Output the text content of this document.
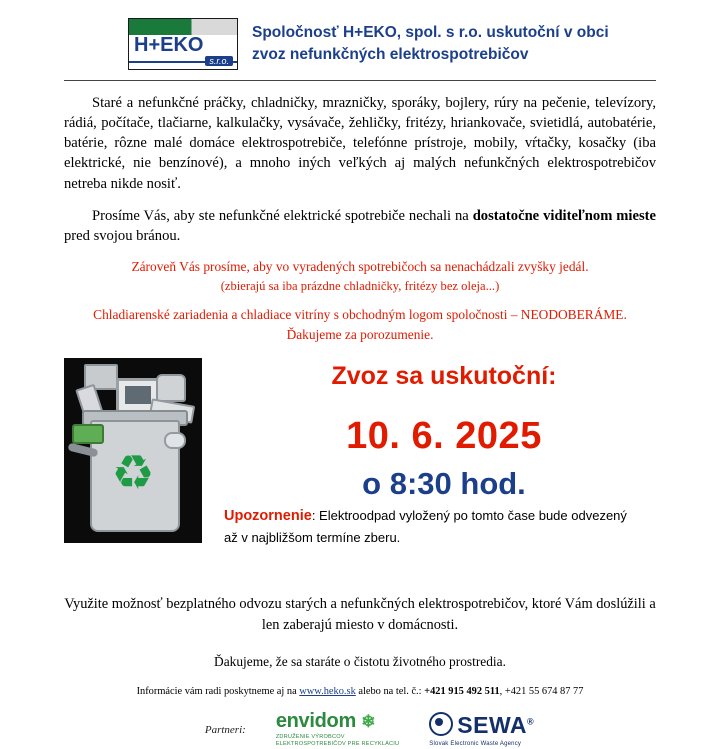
H+EKO
s.r.o.
Spoločnosť H+EKO, spol. s r.o. uskutoční v obci
zvoz nefunkčných elektrospotrebičov

Staré a nefunkčné práčky, chladničky, mrazničky, sporáky, bojlery, rúry na pečenie, televízory, rádiá, počítače, tlačiarne, kalkulačky, vysávače, žehličky, fritézy, hriankovače, svietidlá, autobatérie, batérie, rôzne malé domáce elektrospotrebiče, telefónne prístroje, mobily, vŕtačky, kosačky (iba elektrické, nie benzínové), a mnoho iných veľkých aj malých nefunkčných elektrospotrebičov netreba nikde nosiť.

Prosíme Vás, aby ste nefunkčné elektrické spotrebiče nechali na dostatočne viditeľnom mieste pred svojou bránou.

Zároveň Vás prosíme, aby vo vyradených spotrebičoch sa nenachádzali zvyšky jedál.

(zbierajú sa iba prázdne chladničky, fritézy bez oleja...)

Chladiarenské zariadenia a chladiace vitríny s obchodným logom spoločnosti – NEODOBERÁME.

Ďakujeme za porozumenie.

♻
Zvoz sa uskutoční:
10. 6. 2025
o 8:30 hod.
Upozornenie: Elektroodpad vyložený po tomto čase bude odvezený až v najbližšom termíne zberu.

Využite možnosť bezplatného odvozu starých a nefunkčných elektrospotrebičov, ktoré Vám doslúžili a len zaberajú miesto v domácnosti.

Ďakujeme, že sa staráte o čistotu životného prostredia.

Informácie vám radi poskytneme aj na www.heko.sk alebo na tel. č.: +421 915 492 511, +421 55 674 87 77

Partneri: envidom ❄
ZDRUŽENIE VÝROBCOV
ELEKTROSPOTREBIČOV PRE RECYKLÁCIU
SEWA®
Slovak Electronic Waste Agency
